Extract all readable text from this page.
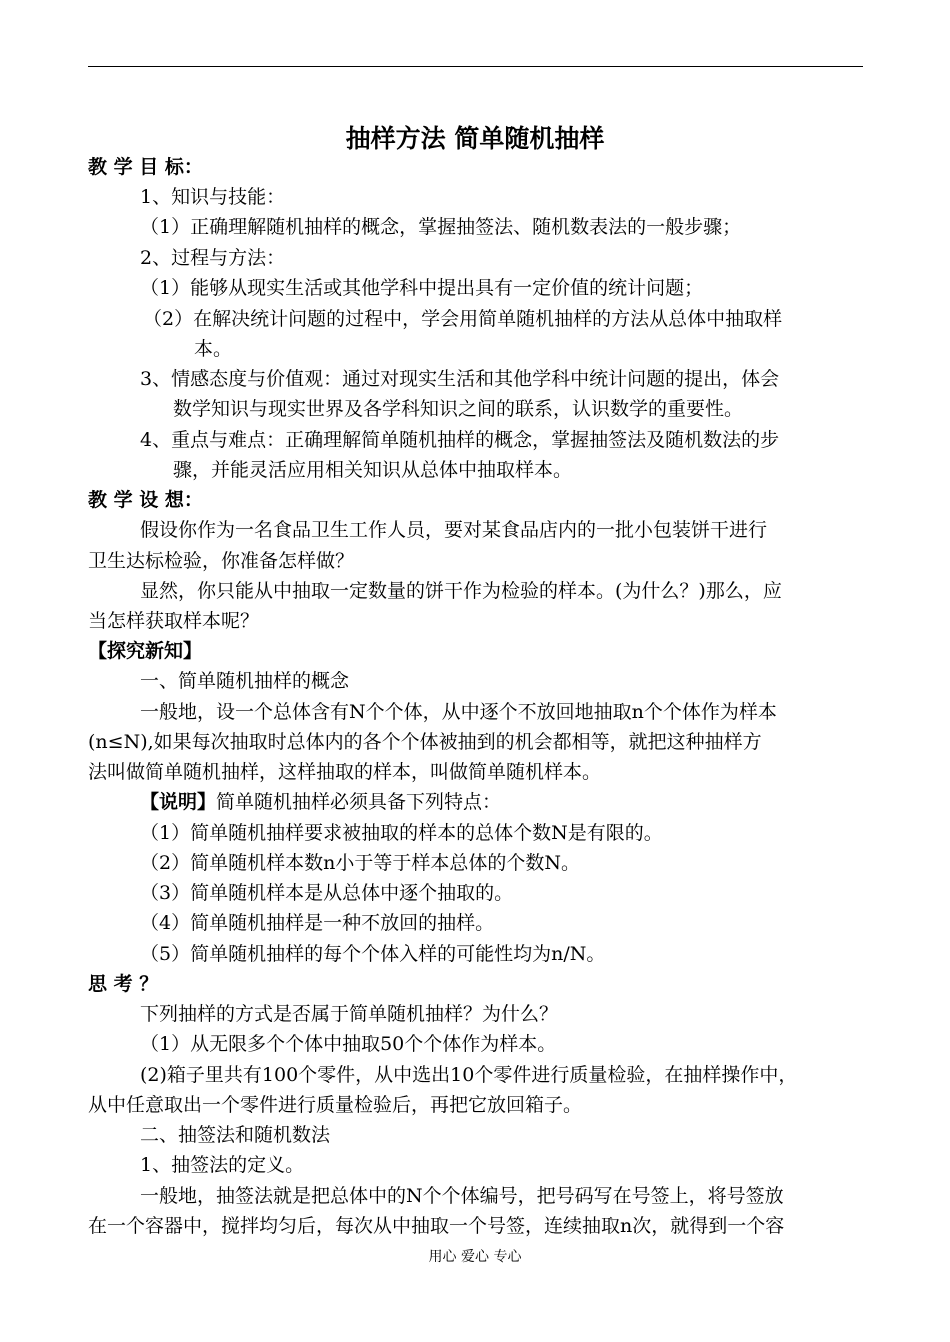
抽样方法 简单随机抽样
教 学 目 标：
1、知识与技能：
（1）正确理解随机抽样的概念，掌握抽签法、随机数表法的一般步骤；
2、过程与方法：
（1）能够从现实生活或其他学科中提出具有一定价值的统计问题；
（2）在解决统计问题的过程中，学会用简单随机抽样的方法从总体中抽取样
本。
3、情感态度与价值观：通过对现实生活和其他学科中统计问题的提出，体会
数学知识与现实世界及各学科知识之间的联系，认识数学的重要性。
4、重点与难点：正确理解简单随机抽样的概念，掌握抽签法及随机数法的步
骤，并能灵活应用相关知识从总体中抽取样本。
教 学 设 想：
假设你作为一名食品卫生工作人员，要对某食品店内的一批小包装饼干进行
卫生达标检验，你准备怎样做？
显然，你只能从中抽取一定数量的饼干作为检验的样本。(为什么？)那么，应
当怎样获取样本呢？
【探究新知】
一、简单随机抽样的概念
一般地，设一个总体含有N个个体，从中逐个不放回地抽取n个个体作为样本
(n≤N),如果每次抽取时总体内的各个个体被抽到的机会都相等，就把这种抽样方
法叫做简单随机抽样，这样抽取的样本，叫做简单随机样本。
【说明】简单随机抽样必须具备下列特点：
（1）简单随机抽样要求被抽取的样本的总体个数N是有限的。
（2）简单随机样本数n小于等于样本总体的个数N。
（3）简单随机样本是从总体中逐个抽取的。
（4）简单随机抽样是一种不放回的抽样。
（5）简单随机抽样的每个个体入样的可能性均为n/N。
思 考 ？
下列抽样的方式是否属于简单随机抽样？为什么？
（1）从无限多个个体中抽取50个个体作为样本。
(2)箱子里共有100个零件，从中选出10个零件进行质量检验，在抽样操作中，
从中任意取出一个零件进行质量检验后，再把它放回箱子。
二、抽签法和随机数法
1、抽签法的定义。
一般地，抽签法就是把总体中的N个个体编号，把号码写在号签上，将号签放
在一个容器中，搅拌均匀后，每次从中抽取一个号签，连续抽取n次，就得到一个容
用心 爱心 专心
